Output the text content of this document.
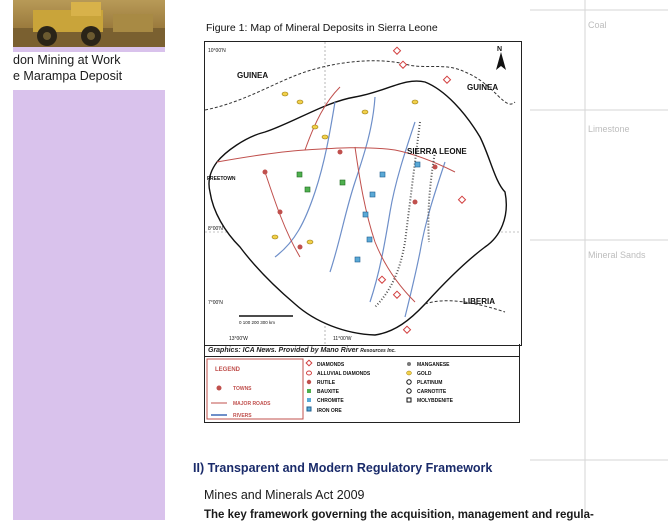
don Mining at Work
e Marampa Deposit
Coal
Limestone
Mineral Sands
Figure 1: Map of Mineral Deposits in Sierra Leone
GUINEA
GUINEA
SIERRA LEONE
LIBERIA
FREETOWN
10°00'N
8°00'N
7°00'N
13°00'W	11°00'W
0 100 200 300 km
N
Graphics: ICA News. Provided by Mano River Resources Inc.
LEGEND
TOWNS
MAJOR ROADS
RIVERS
DIAMONDS
ALLUVIAL DIAMONDS
RUTILE
BAUXITE
CHROMITE
IRON ORE
MANGANESE
GOLD
PLATINUM
CARNOTITE
MOLYBDENITE
II) Transparent and Modern Regulatory Framework
Mines and Minerals Act 2009
The key framework governing the acquisition, management and regula-
